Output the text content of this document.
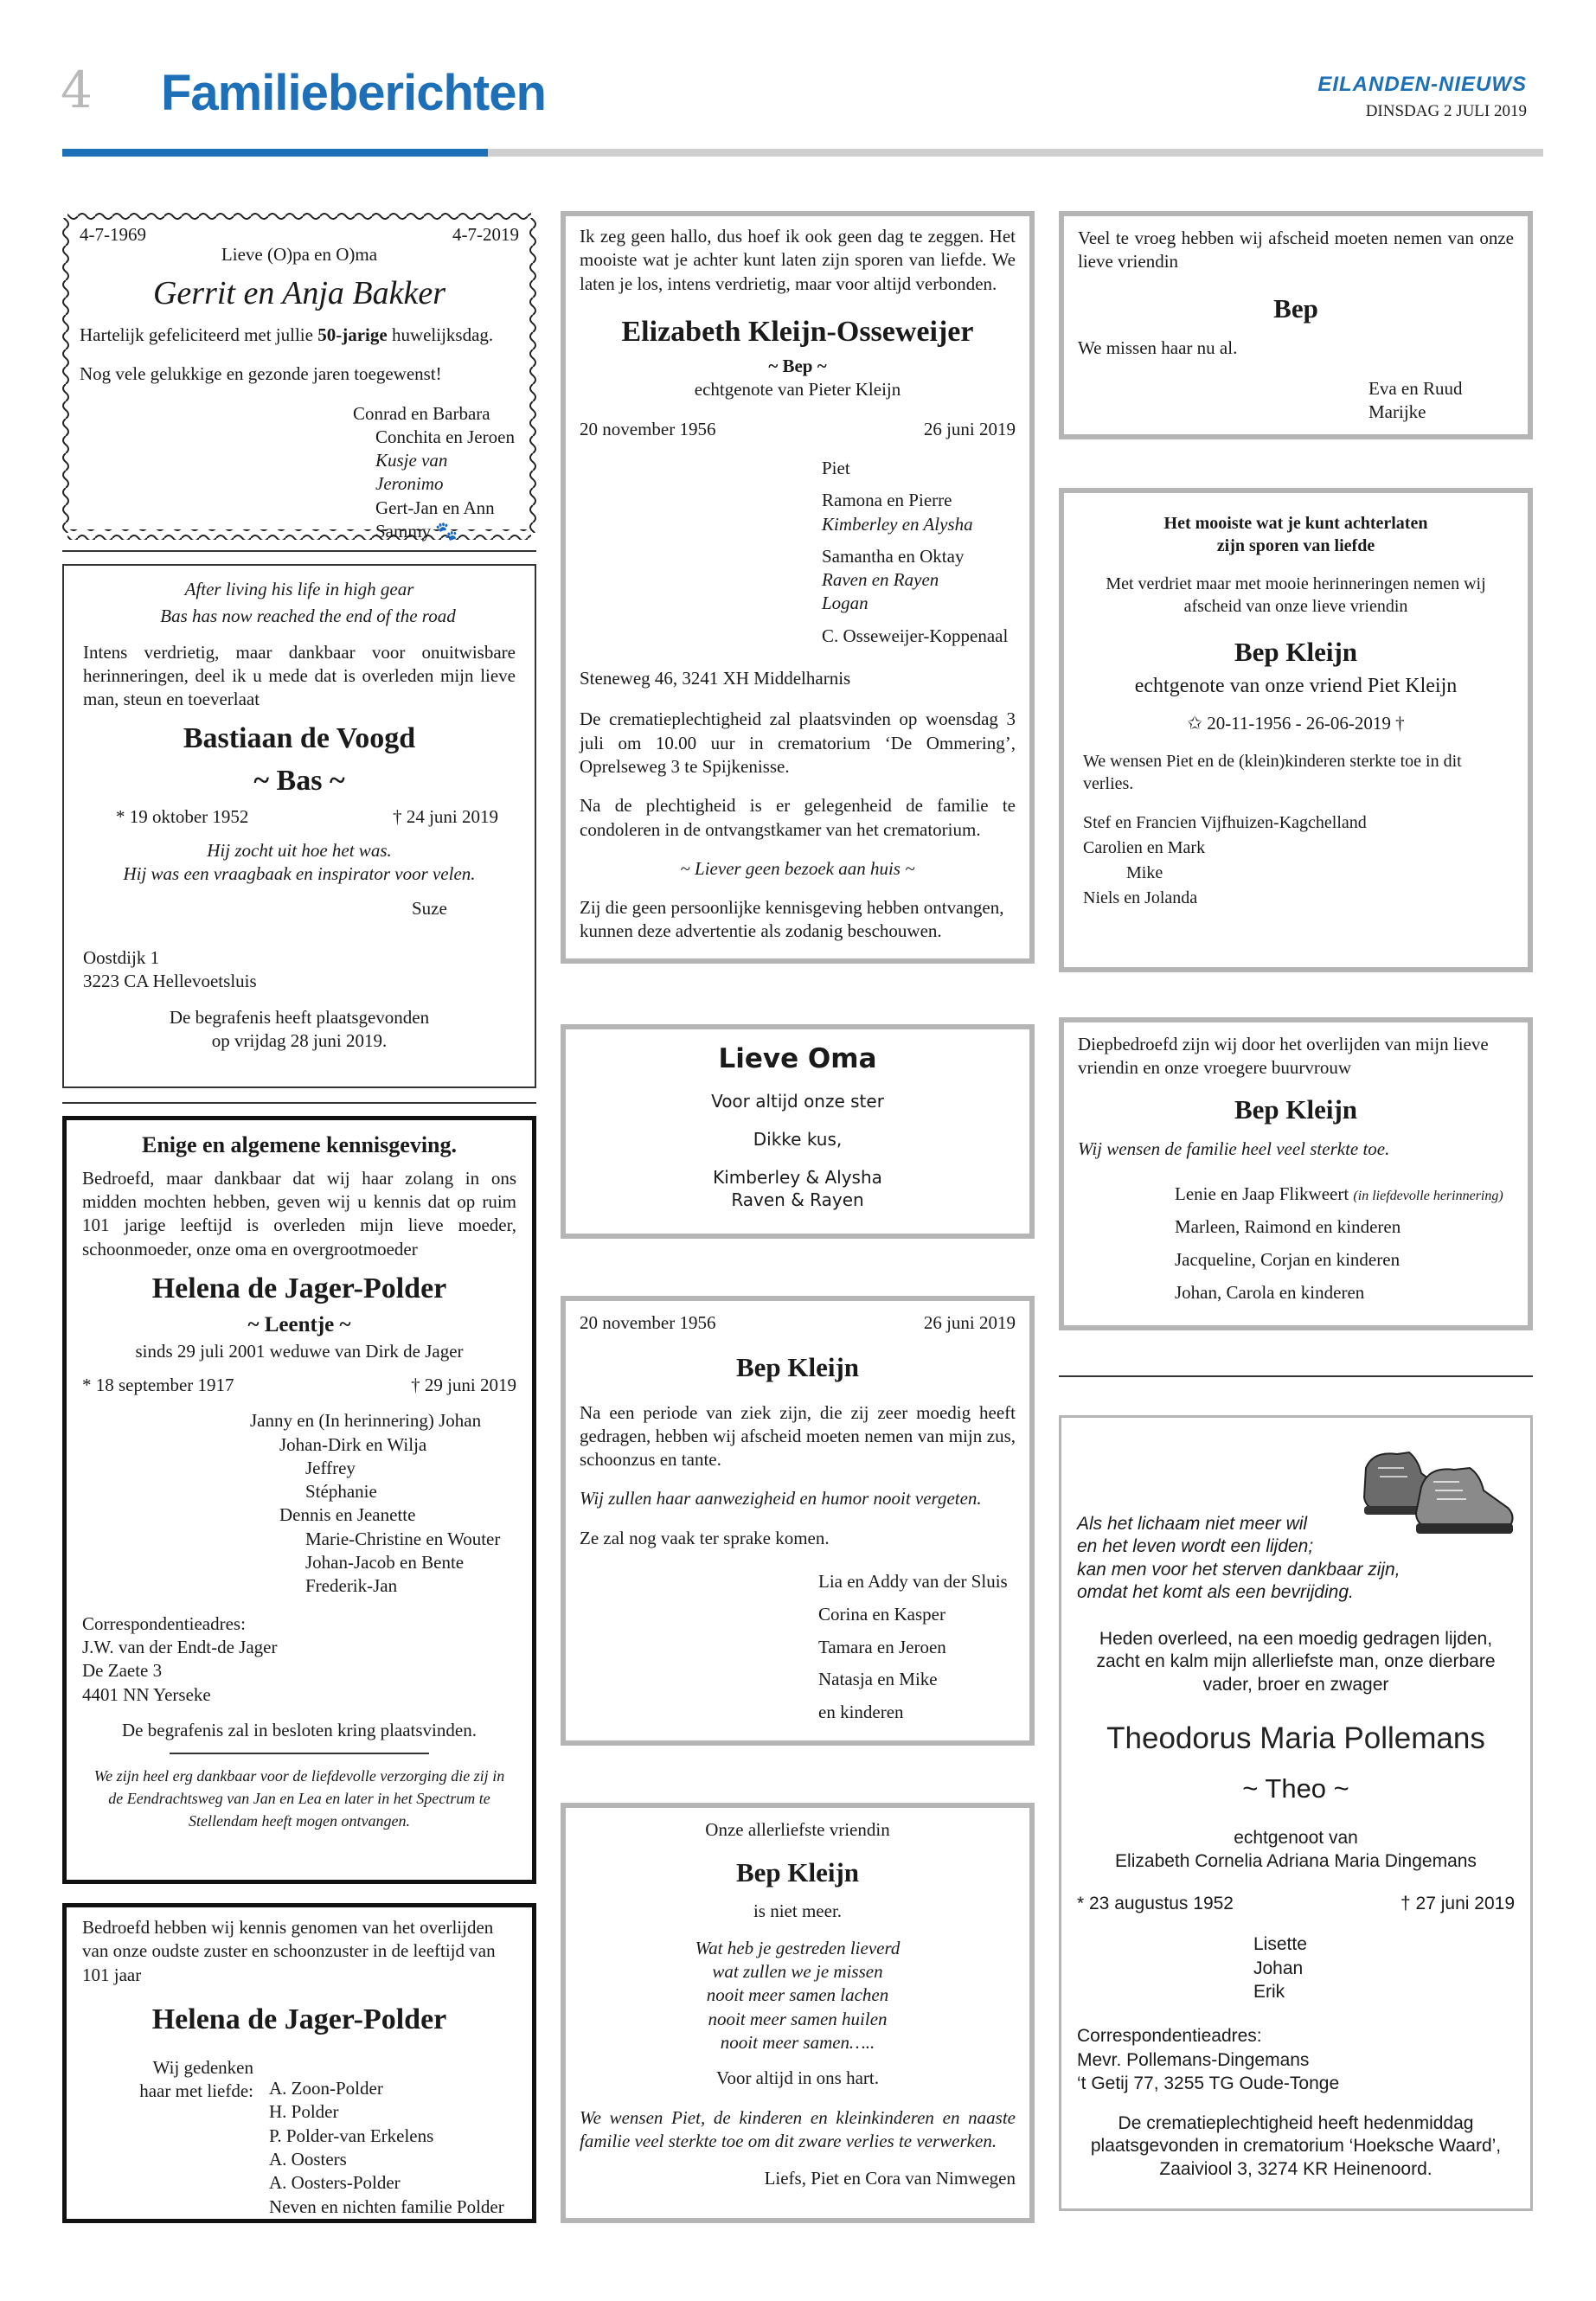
4 Familieberichten	EILANDEN-NIEUWS
DINSDAG 2 JULI 2019
4-7-1969	4-7-2019
Lieve (O)pa en O)ma
Gerrit en Anja Bakker

Hartelijk gefeliciteerd met jullie 50-jarige huwelijksdag.

Nog vele gelukkige en gezonde jaren toegewenst!

Conrad en Barbara
Conchita en Jeroen
Kusje van Jeronimo
Gert-Jan en Ann
Sammy 🐾
After living his life in high gear
Bas has now reached the end of the road

Intens verdrietig, maar dankbaar voor onuitwisbare herinneringen, deel ik u mede dat is overleden mijn lieve man, steun en toeverlaat

Bastiaan de Voogd
~ Bas ~
* 19 oktober 1952	† 24 juni 2019
Hij zocht uit hoe het was.
Hij was een vraagbaak en inspirator voor velen.
Suze
Oostdijk 1
3223 CA Hellevoetsluis
De begrafenis heeft plaatsgevonden
op vrijdag 28 juni 2019.
Enige en algemene kennisgeving.

Bedroefd, maar dankbaar dat wij haar zolang in ons midden mochten hebben, geven wij u kennis dat op ruim 101 jarige leeftijd is overleden mijn lieve moeder, schoonmoeder, onze oma en overgrootmoeder

Helena de Jager-Polder
~ Leentje ~
sinds 29 juli 2001 weduwe van Dirk de Jager
* 18 september 1917	† 29 juni 2019
Janny en (In herinnering) Johan
Johan-Dirk en Wilja
Jeffrey
Stéphanie
Dennis en Jeanette
Marie-Christine en Wouter
Johan-Jacob en Bente
Frederik-Jan
Correspondentieadres:
J.W. van der Endt-de Jager
De Zaete 3
4401 NN Yerseke
De begrafenis zal in besloten kring plaatsvinden.
We zijn heel erg dankbaar voor de liefdevolle verzorging die zij in de Eendrachtsweg van Jan en Lea en later in het Spectrum te Stellendam heeft mogen ontvangen.

Bedroefd hebben wij kennis genomen van het overlijden van onze oudste zuster en schoonzuster in de leeftijd van 101 jaar

Helena de Jager-Polder
Wij gedenken
haar met liefde: A. Zoon-Polder
H. Polder
P. Polder-van Erkelens
A. Oosters
A. Oosters-Polder
Neven en nichten familie Polder

Ik zeg geen hallo, dus hoef ik ook geen dag te zeggen. Het mooiste wat je achter kunt laten zijn sporen van liefde. We laten je los, intens verdrietig, maar voor altijd verbonden.

Elizabeth Kleijn-Osseweijer
~ Bep ~
echtgenote van Pieter Kleijn
20 november 1956	26 juni 2019
Piet
Ramona en Pierre
Kimberley en Alysha
Samantha en Oktay
Raven en Rayen
Logan
C. Osseweijer-Koppenaal
Steneweg 46, 3241 XH Middelharnis

De crematieplechtigheid zal plaatsvinden op woensdag 3 juli om 10.00 uur in crematorium ‘De Ommering’, Oprelseweg 3 te Spijkenisse.

Na de plechtigheid is er gelegenheid de familie te condoleren in de ontvangstkamer van het crematorium.

~ Liever geen bezoek aan huis ~

Zij die geen persoonlijke kennisgeving hebben ontvangen, kunnen deze advertentie als zodanig beschouwen.

Lieve Oma
Voor altijd onze ster
Dikke kus,
Kimberley & Alysha
Raven & Rayen
20 november 1956	26 juni 2019
Bep Kleijn

Na een periode van ziek zijn, die zij zeer moedig heeft gedragen, hebben wij afscheid moeten nemen van mijn zus, schoonzus en tante.

Wij zullen haar aanwezigheid en humor nooit vergeten.

Ze zal nog vaak ter sprake komen.

Lia en Addy van der Sluis
Corina en Kasper
Tamara en Jeroen
Natasja en Mike
en kinderen
Onze allerliefste vriendin
Bep Kleijn
is niet meer.
Wat heb je gestreden lieverd
wat zullen we je missen
nooit meer samen lachen
nooit meer samen huilen
nooit meer samen…..
Voor altijd in ons hart.

We wensen Piet, de kinderen en kleinkinderen en naaste familie veel sterkte toe om dit zware verlies te verwerken.

Liefs, Piet en Cora van Nimwegen

Veel te vroeg hebben wij afscheid moeten nemen van onze lieve vriendin

Bep
We missen haar nu al.
Eva en Ruud
Marijke
Het mooiste wat je kunt achterlaten
zijn sporen van liefde
Met verdriet maar met mooie herinneringen nemen wij afscheid van onze lieve vriendin
Bep Kleijn
echtgenote van onze vriend Piet Kleijn
✩ 20-11-1956 - 26-06-2019 †
We wensen Piet en de (klein)kinderen sterkte toe in dit verlies.
Stef en Francien Vijfhuizen-Kagchelland
Carolien en Mark
Mike
Niels en Jolanda

Diepbedroefd zijn wij door het overlijden van mijn lieve vriendin en onze vroegere buurvrouw

Bep Kleijn
Wij wensen de familie heel veel sterkte toe.
Lenie en Jaap Flikweert (in liefdevolle herinnering)
Marleen, Raimond en kinderen
Jacqueline, Corjan en kinderen
Johan, Carola en kinderen
Als het lichaam niet meer wil
en het leven wordt een lijden;
kan men voor het sterven dankbaar zijn,
omdat het komt als een bevrijding.
Heden overleed, na een moedig gedragen lijden, zacht en kalm mijn allerliefste man, onze dierbare vader, broer en zwager
Theodorus Maria Pollemans
~ Theo ~
echtgenoot van
Elizabeth Cornelia Adriana Maria Dingemans
* 23 augustus 1952	† 27 juni 2019
Lisette
Johan
Erik
Correspondentieadres:
Mevr. Pollemans-Dingemans
‘t Getij 77, 3255 TG Oude-Tonge
De crematieplechtigheid heeft hedenmiddag plaatsgevonden in crematorium ‘Hoeksche Waard’, Zaaiviool 3, 3274 KR Heinenoord.
